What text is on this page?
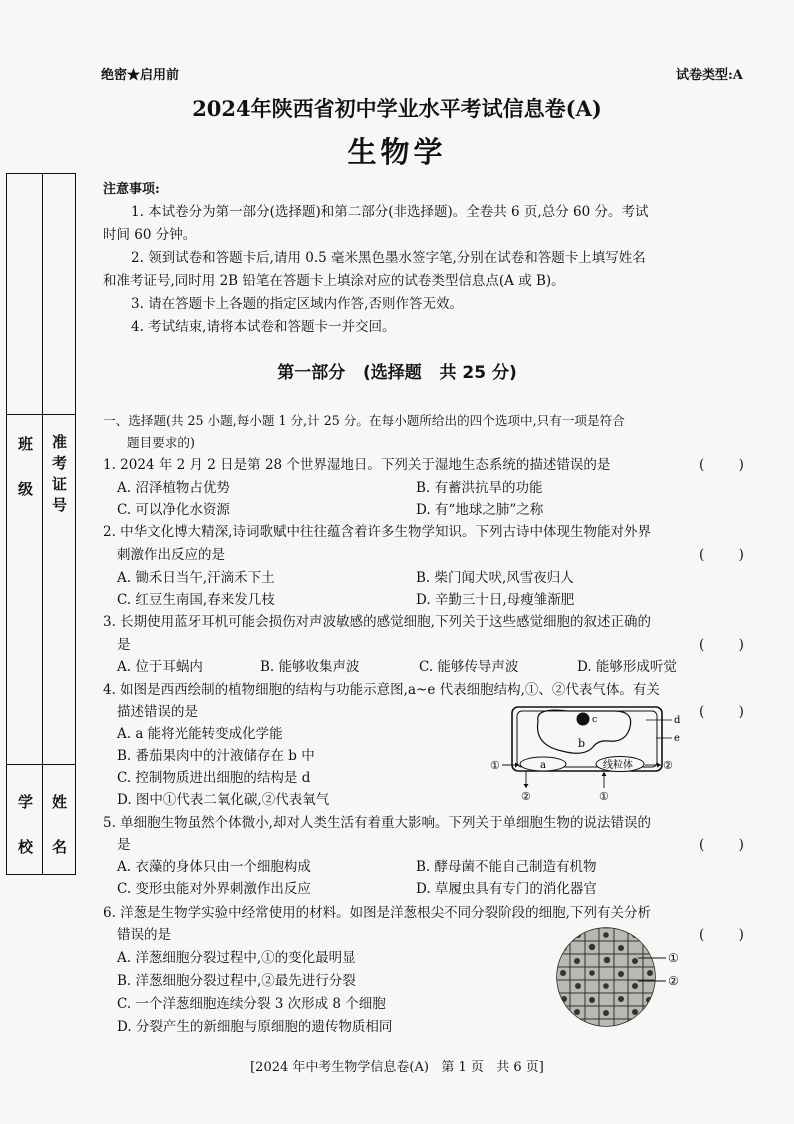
绝密★启用前	试卷类型:A
2024年陕西省初中学业水平考试信息卷(A)
生物学
班 级 准考证号
学 校 姓 名
注意事项:
1. 本试卷分为第一部分(选择题)和第二部分(非选择题)。全卷共 6 页,总分 60 分。考试
时间 60 分钟。
2. 领到试卷和答题卡后,请用 0.5 毫米黑色墨水签字笔,分别在试卷和答题卡上填写姓名
和准考证号,同时用 2B 铅笔在答题卡上填涂对应的试卷类型信息点(A 或 B)。
3. 请在答题卡上各题的指定区域内作答,否则作答无效。
4. 考试结束,请将本试卷和答题卡一并交回。
第一部分   (选择题   共 25 分)
一、选择题(共 25 小题,每小题 1 分,计 25 分。在每小题所给出的四个选项中,只有一项是符合
题目要求的)
1. 2024 年 2 月 2 日是第 28 个世界湿地日。下列关于湿地生态系统的描述错误的是	(        )
A. 沼泽植物占优势	B. 有蓄洪抗旱的功能
C. 可以净化水资源	D. 有“地球之肺”之称
2. 中华文化博大精深,诗词歌赋中往往蕴含着许多生物学知识。下列古诗中体现生物能对外界
刺激作出反应的是	(        )
A. 锄禾日当午,汗滴禾下土	B. 柴门闻犬吠,风雪夜归人
C. 红豆生南国,春来发几枝	D. 辛勤三十日,母瘦雏渐肥
3. 长期使用蓝牙耳机可能会损伤对声波敏感的感觉细胞,下列关于这些感觉细胞的叙述正确的
是	(        )
A. 位于耳蜗内	B. 能够收集声波	C. 能够传导声波	D. 能够形成听觉
4. 如图是西西绘制的植物细胞的结构与功能示意图,a~e 代表细胞结构,①、②代表气体。有关
描述错误的是	(        )
A. a 能将光能转变成化学能
B. 番茄果肉中的汁液储存在 b 中
C. 控制物质进出细胞的结构是 d
D. 图中①代表二氧化碳,②代表氧气
c	d
e
b
a	线粒体
①	②
②	①
5. 单细胞生物虽然个体微小,却对人类生活有着重大影响。下列关于单细胞生物的说法错误的
是	(        )
A. 衣藻的身体只由一个细胞构成	B. 酵母菌不能自己制造有机物
C. 变形虫能对外界刺激作出反应	D. 草履虫具有专门的消化器官
6. 洋葱是生物学实验中经常使用的材料。如图是洋葱根尖不同分裂阶段的细胞,下列有关分析
错误的是	(        )
A. 洋葱细胞分裂过程中,①的变化最明显
B. 洋葱细胞分裂过程中,②最先进行分裂
C. 一个洋葱细胞连续分裂 3 次形成 8 个细胞
D. 分裂产生的新细胞与原细胞的遗传物质相同
①
②
[2024 年中考生物学信息卷(A)   第 1 页   共 6 页]
